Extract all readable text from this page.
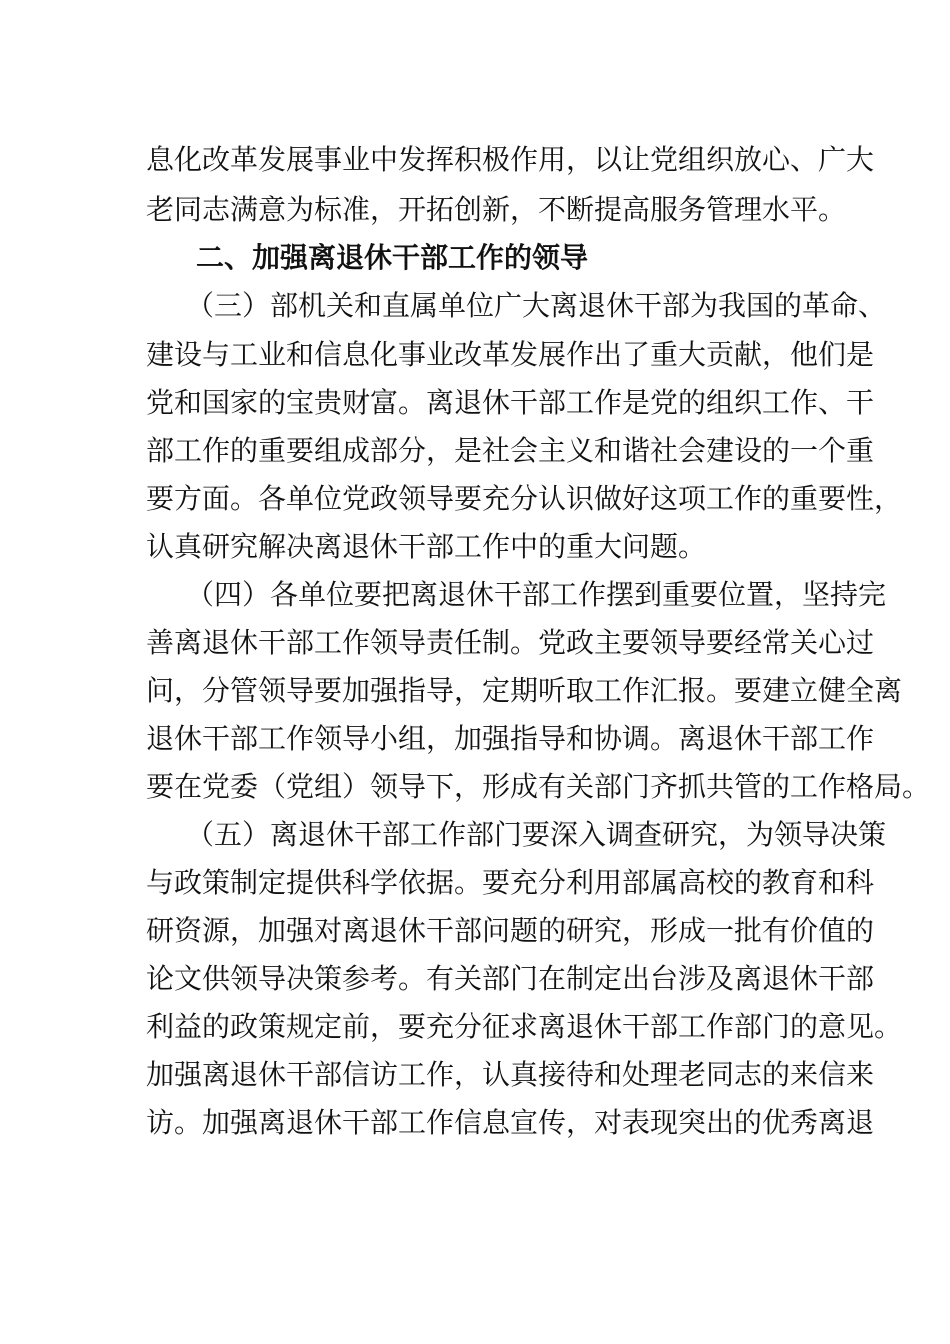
息化改革发展事业中发挥积极作用，以让党组织放心、广大
老同志满意为标准，开拓创新，不断提高服务管理水平。
二、加强离退休干部工作的领导
（三）部机关和直属单位广大离退休干部为我国的革命、
建设与工业和信息化事业改革发展作出了重大贡献，他们是
党和国家的宝贵财富。离退休干部工作是党的组织工作、干
部工作的重要组成部分，是社会主义和谐社会建设的一个重
要方面。各单位党政领导要充分认识做好这项工作的重要性，
认真研究解决离退休干部工作中的重大问题。
（四）各单位要把离退休干部工作摆到重要位置，坚持完
善离退休干部工作领导责任制。党政主要领导要经常关心过
问，分管领导要加强指导，定期听取工作汇报。要建立健全离
退休干部工作领导小组，加强指导和协调。离退休干部工作
要在党委（党组）领导下，形成有关部门齐抓共管的工作格局。
（五）离退休干部工作部门要深入调查研究，为领导决策
与政策制定提供科学依据。要充分利用部属高校的教育和科
研资源，加强对离退休干部问题的研究，形成一批有价值的
论文供领导决策参考。有关部门在制定出台涉及离退休干部
利益的政策规定前，要充分征求离退休干部工作部门的意见。
加强离退休干部信访工作，认真接待和处理老同志的来信来
访。加强离退休干部工作信息宣传，对表现突出的优秀离退
